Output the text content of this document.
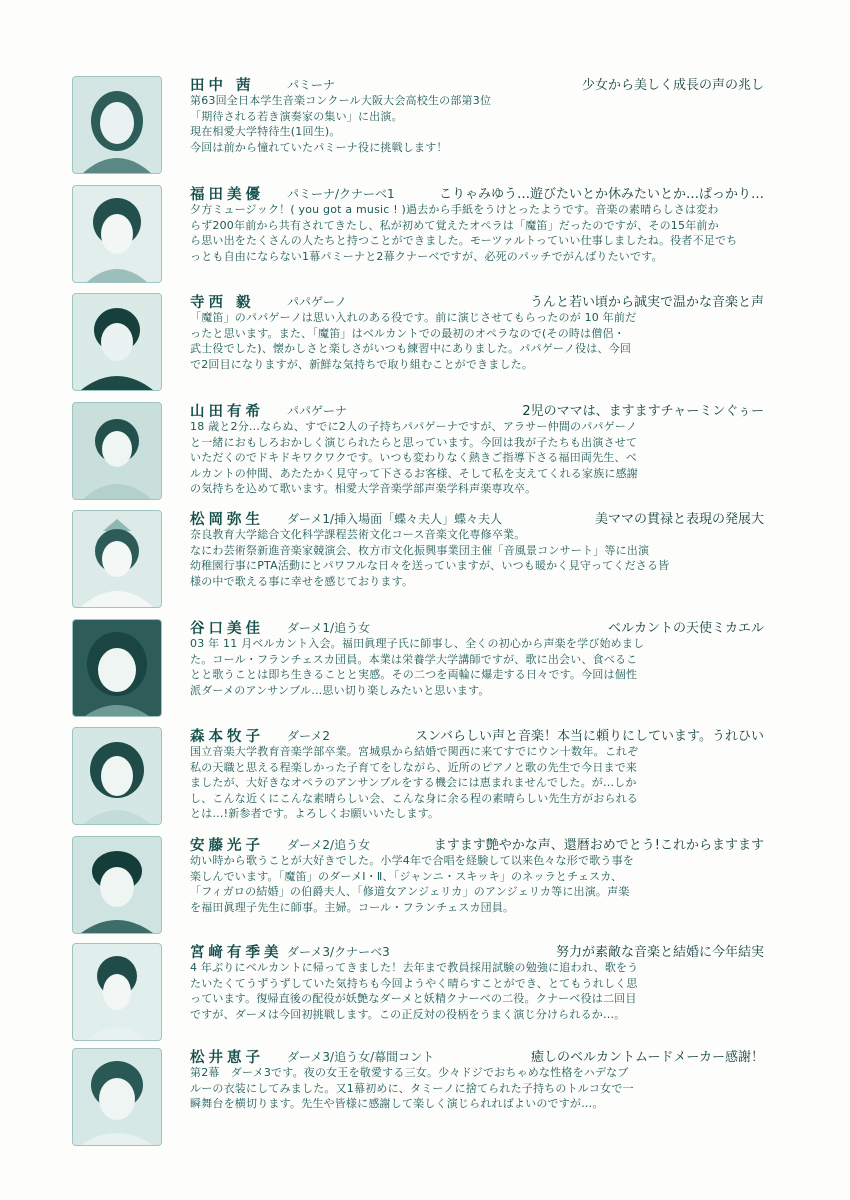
田中 茜	パミーナ	少女から美しく成長の声の兆し

第63回全日本学生音楽コンクール大阪大会高校生の部第3位

「期待される若き演奏家の集い」に出演。

現在相愛大学特待生(1回生)。

今回は前から憧れていたパミーナ役に挑戦します！

福田美優 パミーナ/クナーベ1	こりゃみゆう…遊びたいとか休みたいとか…ぱっかり…

夕方ミュージック！( you got a music ! )過去から手紙をうけとったようです。音楽の素晴らしさは変わ

らず200年前から共有されてきたし、私が初めて覚えたオペラは「魔笛」だったのですが、その15年前か

ら思い出をたくさんの人たちと持つことができました。モーツァルトっていい仕事しましたね。役者不足でち

っとも自由にならない1幕パミーナと2幕クナーベですが、必死のパッチでがんばりたいです。

寺西 毅	パパゲーノ	うんと若い頃から誠実で温かな音楽と声

「魔笛」のパパゲーノは思い入れのある役です。前に演じさせてもらったのが 10 年前だ

ったと思います。また、「魔笛」はベルカントでの最初のオペラなので(その時は僧侶・

武士役でした)、懐かしさと楽しさがいつも練習中にありました。パパゲーノ役は、今回

で2回目になりますが、新鮮な気持ちで取り組むことができました。

山田有希 パパゲーナ	2児のママは、ますますチャーミンぐぅー

18 歳と2分…ならぬ、すでに2人の子持ちパパゲーナですが、アラサー仲間のパパゲーノ

と一緒におもしろおかしく演じられたらと思っています。今回は我が子たちも出演させて

いただくのでドキドキワクワクです。いつも変わりなく熱きご指導下さる福田両先生、ベ

ルカントの仲間、あたたかく見守って下さるお客様、そして私を支えてくれる家族に感謝

の気持ちを込めて歌います。相愛大学音楽学部声楽学科声楽専攻卒。

松岡弥生 ダーメ1/挿入場面「蝶々夫人」蝶々夫人	美ママの貫禄と表現の発展大

奈良教育大学総合文化科学課程芸術文化コース音楽文化専修卒業。

なにわ芸術祭新進音楽家競演会、枚方市文化振興事業団主催「音風景コンサート」等に出演

幼稚園行事にPTA活動にとパワフルな日々を送っていますが、いつも暖かく見守ってくださる皆

様の中で歌える事に幸せを感じております。

谷口美佳 ダーメ1/追う女	ベルカントの天使ミカエル

03 年 11 月ベルカント入会。福田眞理子氏に師事し、全くの初心から声楽を学び始めまし

た。コール・フランチェスカ団員。本業は栄養学大学講師ですが、歌に出会い、食べるこ

とと歌うことは即ち生きることと実感。その二つを両輪に爆走する日々です。今回は個性

派ダーメのアンサンブル…思い切り楽しみたいと思います。

森本牧子 ダーメ2	スンバらしい声と音楽！本当に頼りにしています。うれひい

国立音楽大学教育音楽学部卒業。宮城県から結婚で関西に来てすでにウン十数年。これぞ

私の天職と思える程楽しかった子育てをしながら、近所のピアノと歌の先生で今日まで来

ましたが、大好きなオペラのアンサンブルをする機会には恵まれませんでした。が…しか

し、こんな近くにこんな素晴らしい会、こんな身に余る程の素晴らしい先生方がおられる

とは…!新参者です。よろしくお願いいたします。

安藤光子 ダーメ2/追う女	ますます艶やかな声、還暦おめでとう!これからますます

幼い時から歌うことが大好きでした。小学4年で合唱を経験して以来色々な形で歌う事を

楽しんでいます。「魔笛」のダーメⅠ・Ⅱ、「ジャンニ・スキッキ」のネッラとチェスカ、

「フィガロの結婚」の伯爵夫人、「修道女アンジェリカ」のアンジェリカ等に出演。声楽

を福田眞理子先生に師事。主婦。コール・フランチェスカ団員。

宮﨑有季美 ダーメ3/クナーベ3	努力が素敵な音楽と結婚に今年結実

4 年ぶりにベルカントに帰ってきました！去年まで教員採用試験の勉強に追われ、歌をう

たいたくてうずうずしていた気持ちも今回ようやく晴らすことができ、とてもうれしく思

っています。復帰直後の配役が妖艶なダーメと妖精クナーベの二役。クナーベ役は二回目

ですが、ダーメは今回初挑戦します。この正反対の役柄をうまく演じ分けられるか…。

松井恵子 ダーメ3/追う女/幕間コント	癒しのベルカントムードメーカー感謝！

第2幕　ダーメ3です。夜の女王を敬愛する三女。少々ドジでおちゃめな性格をハデなブ

ルーの衣装にしてみました。又1幕初めに、タミーノに捨てられた子持ちのトルコ女で一

瞬舞台を横切ります。先生や皆様に感謝して楽しく演じられればよいのですが…。
